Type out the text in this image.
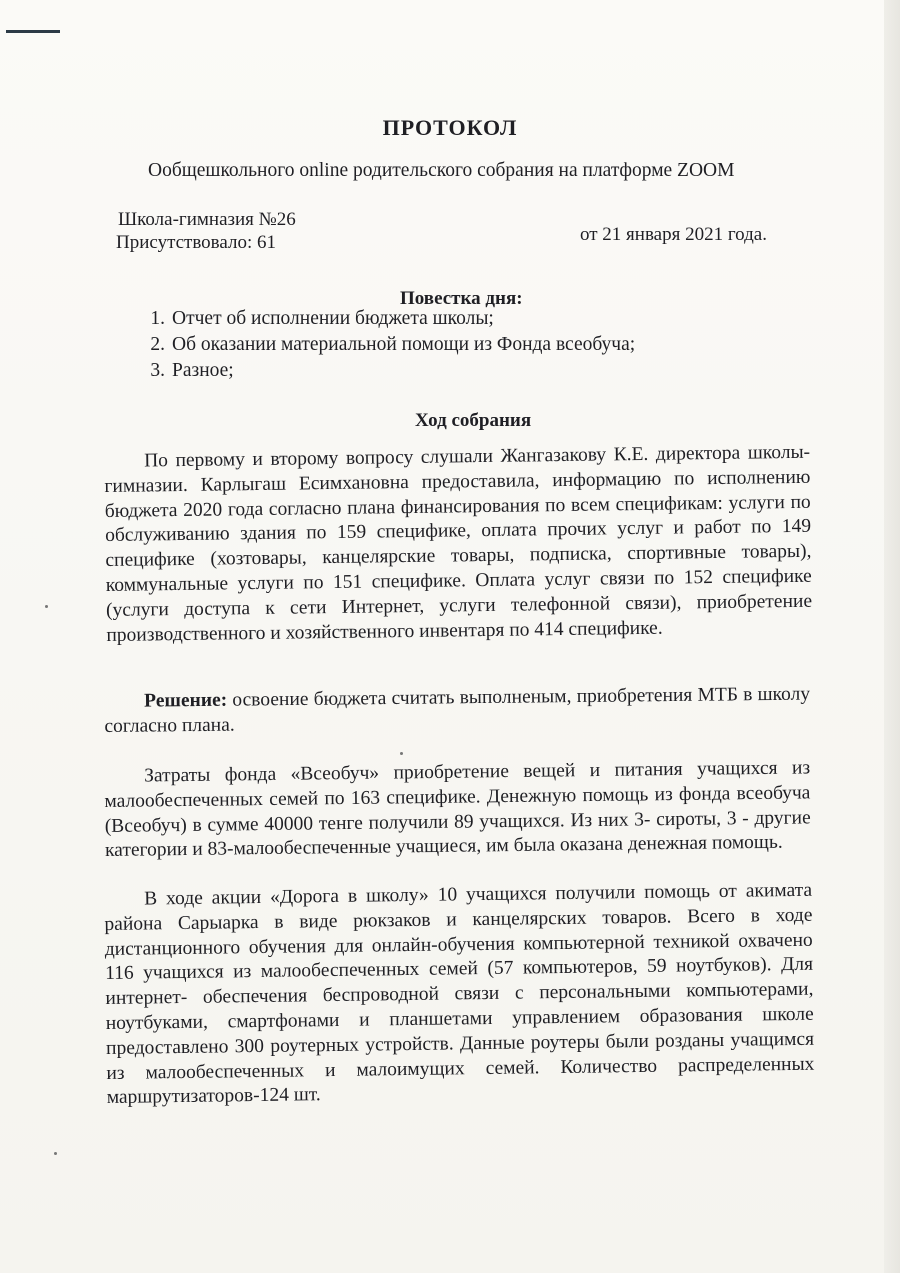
ПРОТОКОЛ
Ообщешкольного online родительского собрания на платформе ZOOM
Школа-гимназия №26
Присутствовало: 61	от 21 января 2021 года.
Повестка дня:
1. Отчет об исполнении бюджета школы;
2. Об оказании материальной помощи из Фонда всеобуча;
3. Разное;
Ход собрания

По первому и второму вопросу слушали Жангазакову К.Е. директора школы-гимназии. Карлыгаш Есимхановна предоставила, информацию по исполнению бюджета 2020 года согласно плана финансирования по всем спецификам: услуги по обслуживанию здания по 159 специфике, оплата прочих услуг и работ по 149 специфике (хозтовары, канцелярские товары, подписка, спортивные товары), коммунальные услуги по 151 специфике. Оплата услуг связи по 152 специфике (услуги доступа к сети Интернет, услуги телефонной связи), приобретение производственного и хозяйственного инвентаря по 414 специфике.

Решение: освоение бюджета считать выполненым, приобретения МТБ в школу согласно плана.

Затраты фонда «Всеобуч» приобретение вещей и питания учащихся из малообеспеченных семей по 163 специфике. Денежную помощь из фонда всеобуча (Всеобуч) в сумме 40000 тенге получили 89 учащихся. Из них 3- сироты, 3 - другие категории и 83-малообеспеченные учащиеся, им была оказана денежная помощь.

В ходе акции «Дорога в школу» 10 учащихся получили помощь от акимата района Сарыарка в виде рюкзаков и канцелярских товаров. Всего в ходе дистанционного обучения для онлайн-обучения компьютерной техникой охвачено 116 учащихся из малообеспеченных семей (57 компьютеров, 59 ноутбуков). Для интернет- обеспечения беспроводной связи с персональными компьютерами, ноутбуками, смартфонами и планшетами управлением образования школе предоставлено 300 роутерных устройств. Данные роутеры были розданы учащимся из малообеспеченных и малоимущих семей. Количество распределенных маршрутизаторов-124 шт.
